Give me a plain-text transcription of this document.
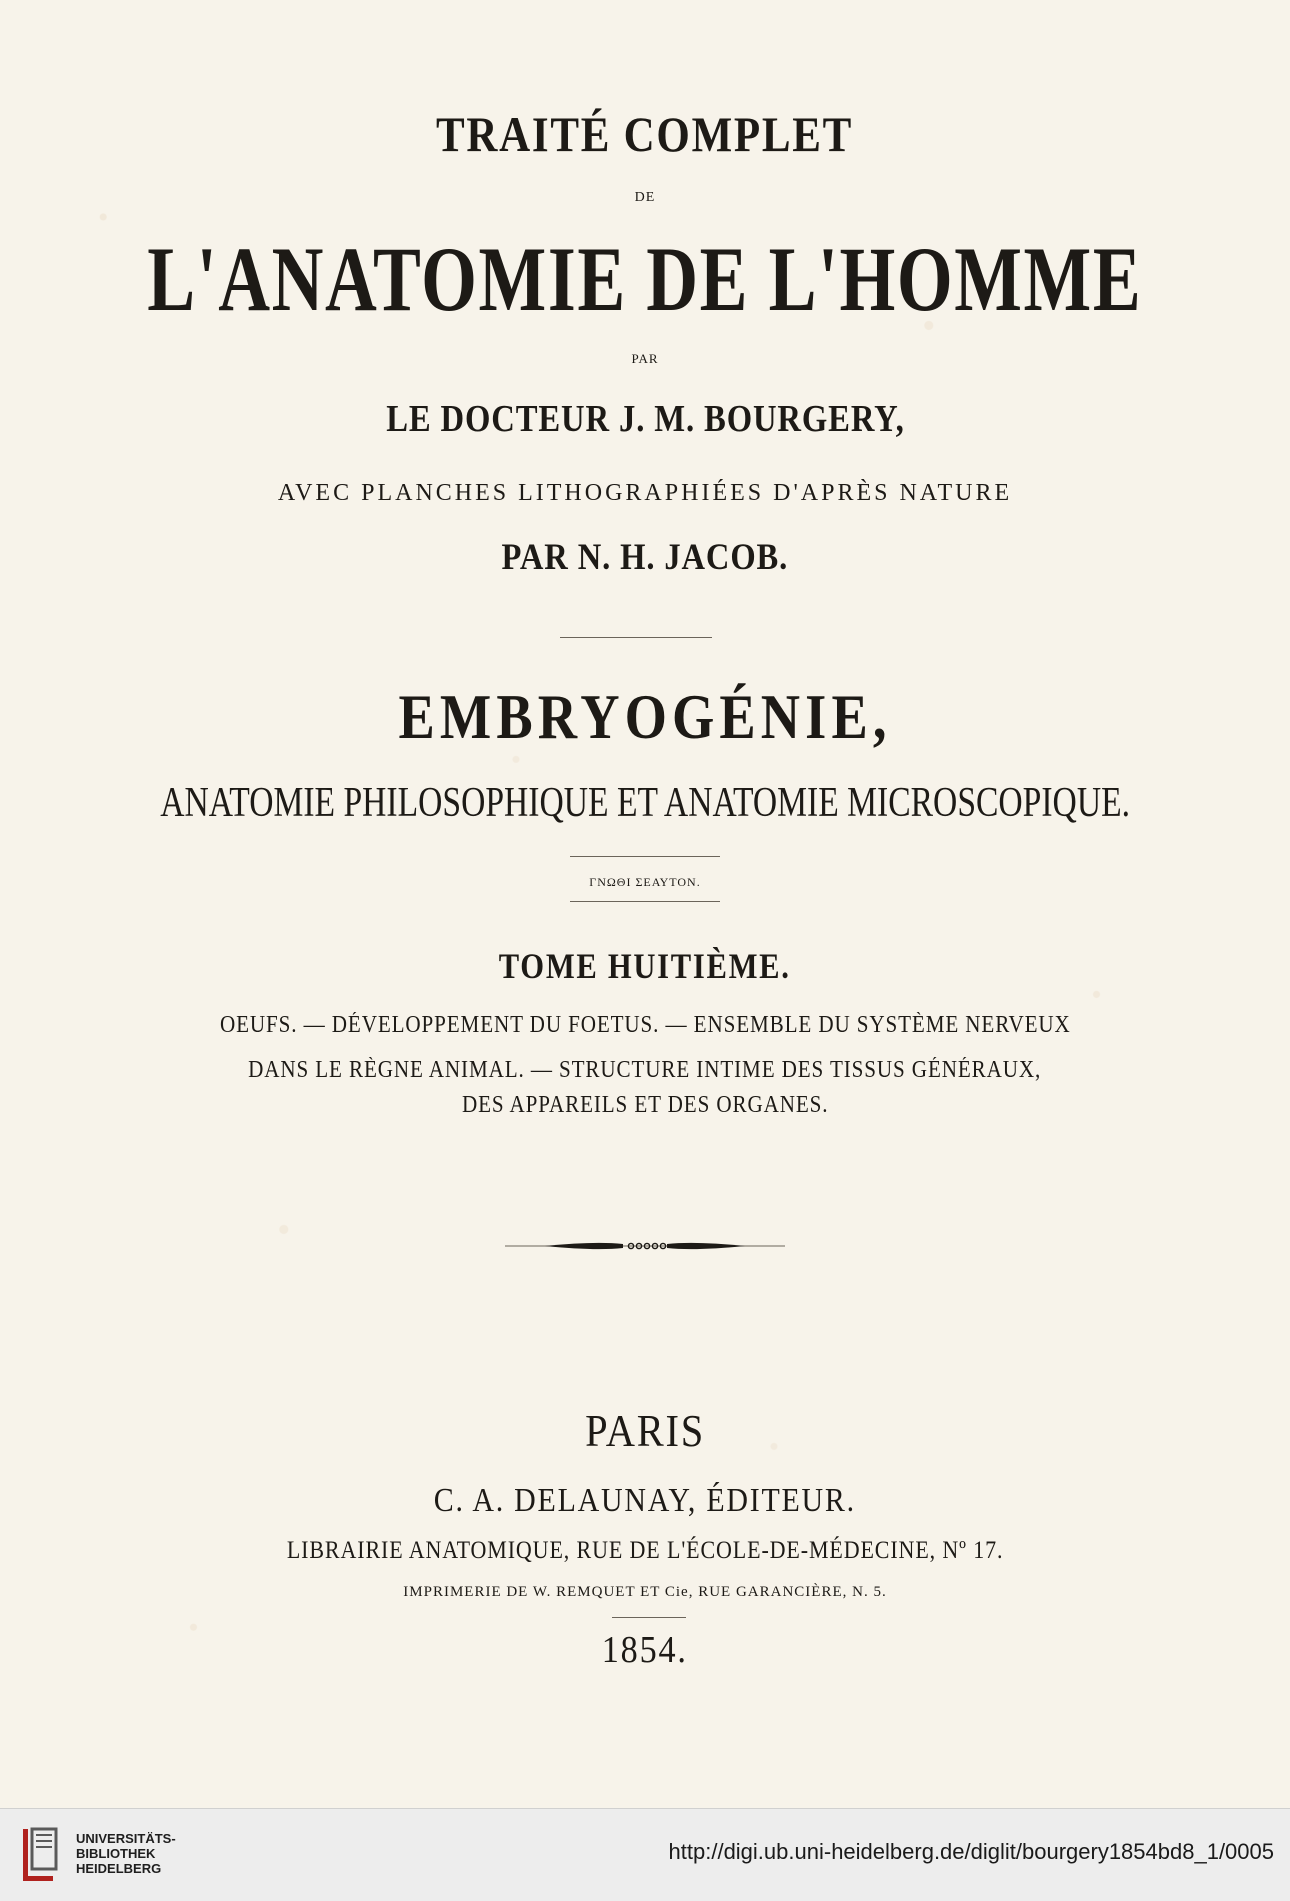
TRAITÉ COMPLET
DE
L'ANATOMIE DE L'HOMME
PAR
LE DOCTEUR J. M. BOURGERY,
AVEC PLANCHES LITHOGRAPHIÉES D'APRÈS NATURE
PAR N. H. JACOB.
EMBRYOGÉNIE,
ANATOMIE PHILOSOPHIQUE ET ANATOMIE MICROSCOPIQUE.
ΓΝΩΘΙ ΣΕΑΥΤΟΝ.
TOME HUITIÈME.
OEUFS. — DÉVELOPPEMENT DU FOETUS. — ENSEMBLE DU SYSTÈME NERVEUX
DANS LE RÈGNE ANIMAL. — STRUCTURE INTIME DES TISSUS GÉNÉRAUX,
DES APPAREILS ET DES ORGANES.
PARIS
C. A. DELAUNAY, ÉDITEUR.
LIBRAIRIE ANATOMIQUE, RUE DE L'ÉCOLE-DE-MÉDECINE, Nº 17.
IMPRIMERIE DE W. REMQUET ET Cie, RUE GARANCIÈRE, N. 5.
1854.
UNIVERSITÄTS-
BIBLIOTHEK
HEIDELBERG
http://digi.ub.uni-heidelberg.de/diglit/bourgery1854bd8_1/0005
